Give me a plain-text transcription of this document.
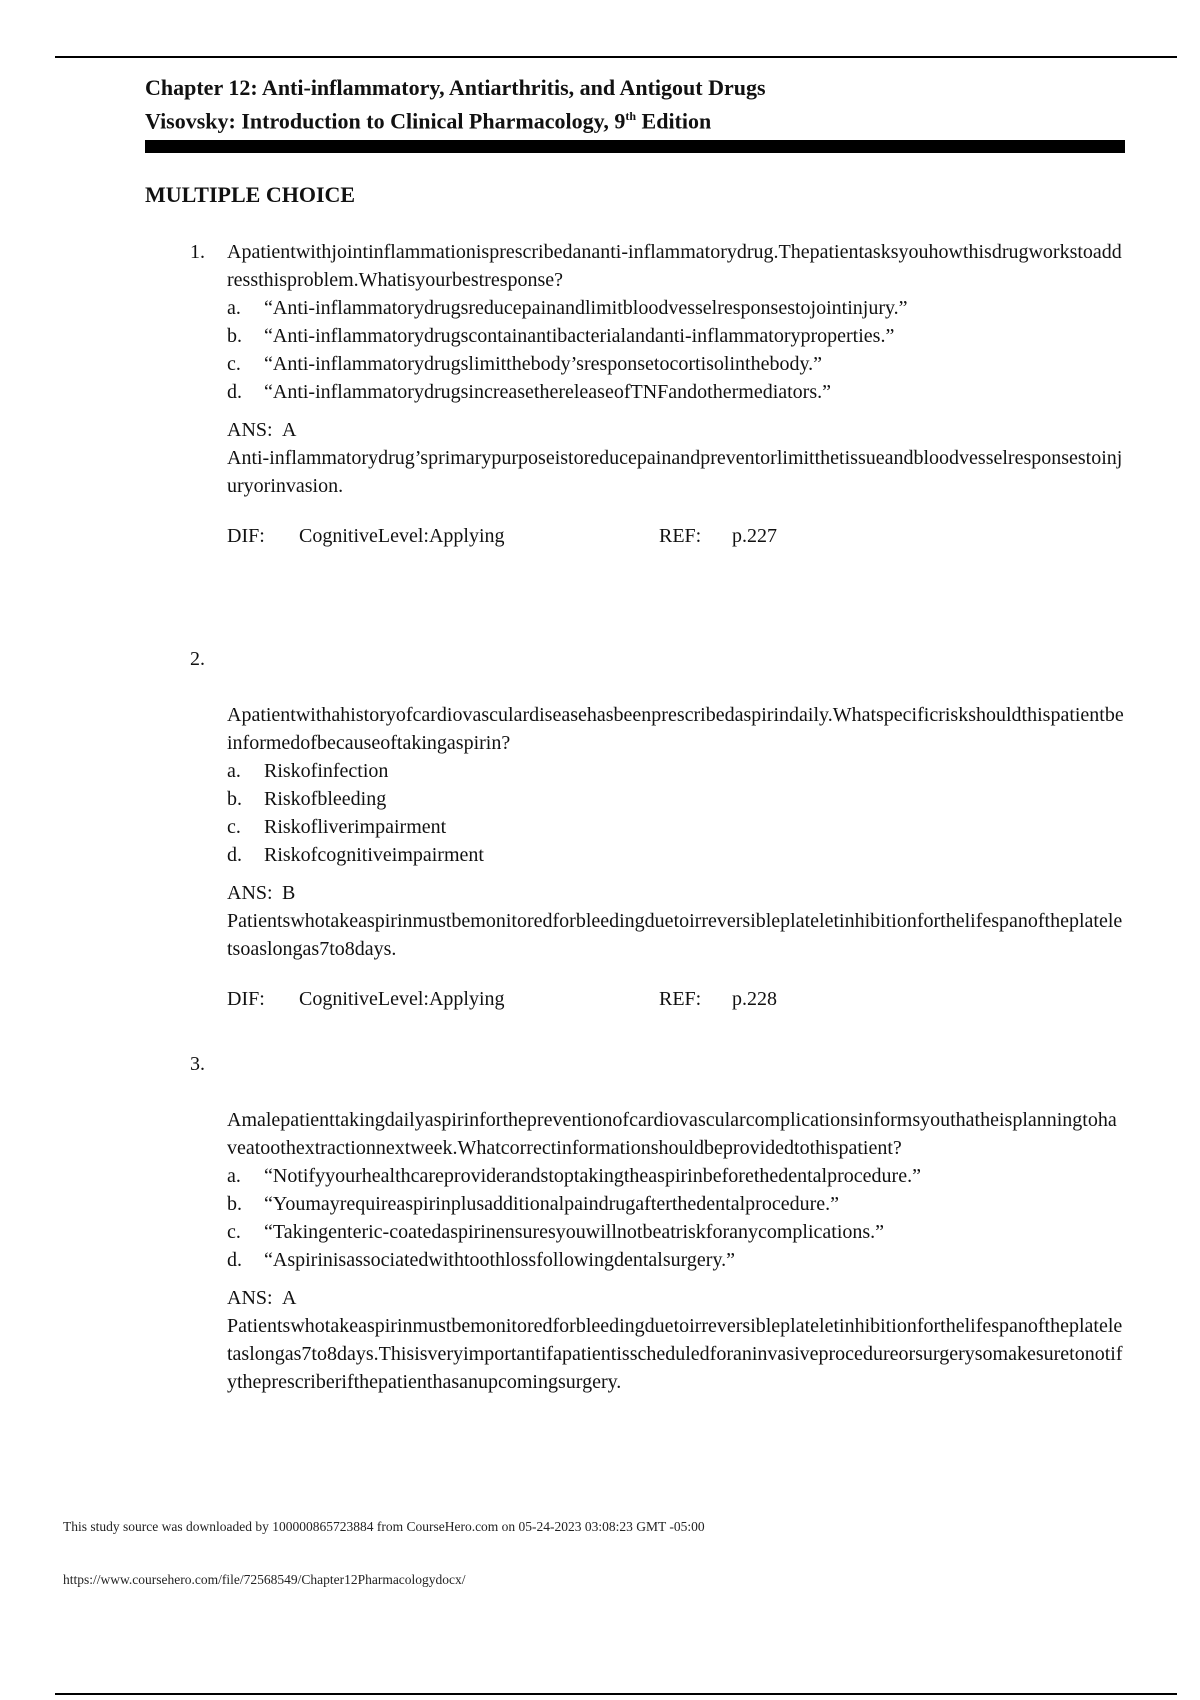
Chapter 12: Anti-inflammatory, Antiarthritis, and Antigout Drugs
Visovsky: Introduction to Clinical Pharmacology, 9th Edition
MULTIPLE CHOICE
1. Apatientwithjointinflammationisprescribedananti-inflammatorydrug.Thepatientasksyouhowthisdrugworkstoaddressthisproblem.Whatisyourbestresponse?
a.	“Anti-inflammatorydrugsreducepainandlimitbloodvesselresponsestojointinjury.”
b.	“Anti-inflammatorydrugscontainantibacterialandanti-inflammatoryproperties.”
c.	“Anti-inflammatorydrugslimitthebody’sresponsetocortisolinthebody.”
d.	“Anti-inflammatorydrugsincreasethereleaseofTNFandothermediators.”
ANS: A
Anti-inflammatorydrug’sprimarypurposeistoreducepainandpreventorlimitthetissueandbloodvesselresponsestoinjuryorinvasion.
DIF:	CognitiveLevel:Applying	REF:	p.227
2.
Apatientwithahistoryofcardiovasculardiseasehasbeenprescribedaspirindaily.Whatspecificriskshouldthispatientbeinformedofbecauseoftakingaspirin?
a.	Riskofinfection
b.	Riskofbleeding
c.	Riskofliverimpairment
d.	Riskofcognitiveimpairment
ANS: B
Patientswhotakeaspirinmustbemonitoredforbleedingduetoirreversibleplateletinhibitionforthelifespanoftheplateletsoaslongas7to8days.
DIF:	CognitiveLevel:Applying	REF:	p.228
3.
Amalepatienttakingdailyaspirinforthepreventionofcardiovascularcomplicationsinformsyouthatheisplanningtohaveatoothextractionnextweek.Whatcorrectinformationshouldbeprovidedtothispatient?
a.	“Notifyyourhealthcareproviderandstoptakingtheaspirinbeforethedentalprocedure.”
b.	“Youmayrequireaspirinplusadditionalpaindrugafterthedentalprocedure.”
c.	“Takingenteric-coatedaspirinensuresyouwillnotbeatriskforanycomplications.”
d.	“Aspirinisassociatedwithtoothlossfollowingdentalsurgery.”
ANS: A
Patientswhotakeaspirinmustbemonitoredforbleedingduetoirreversibleplateletinhibitionforthelifespanoftheplateletaslongas7to8days.Thisisveryimportantifapatientisscheduledforaninvasiveprocedureorsurgerysomakesuretonotifytheprescriberifthepatienthasanupcomingsurgery.
This study source was downloaded by 100000865723884 from CourseHero.com on 05-24-2023 03:08:23 GMT -05:00
https://www.coursehero.com/file/72568549/Chapter12Pharmacologydocx/
